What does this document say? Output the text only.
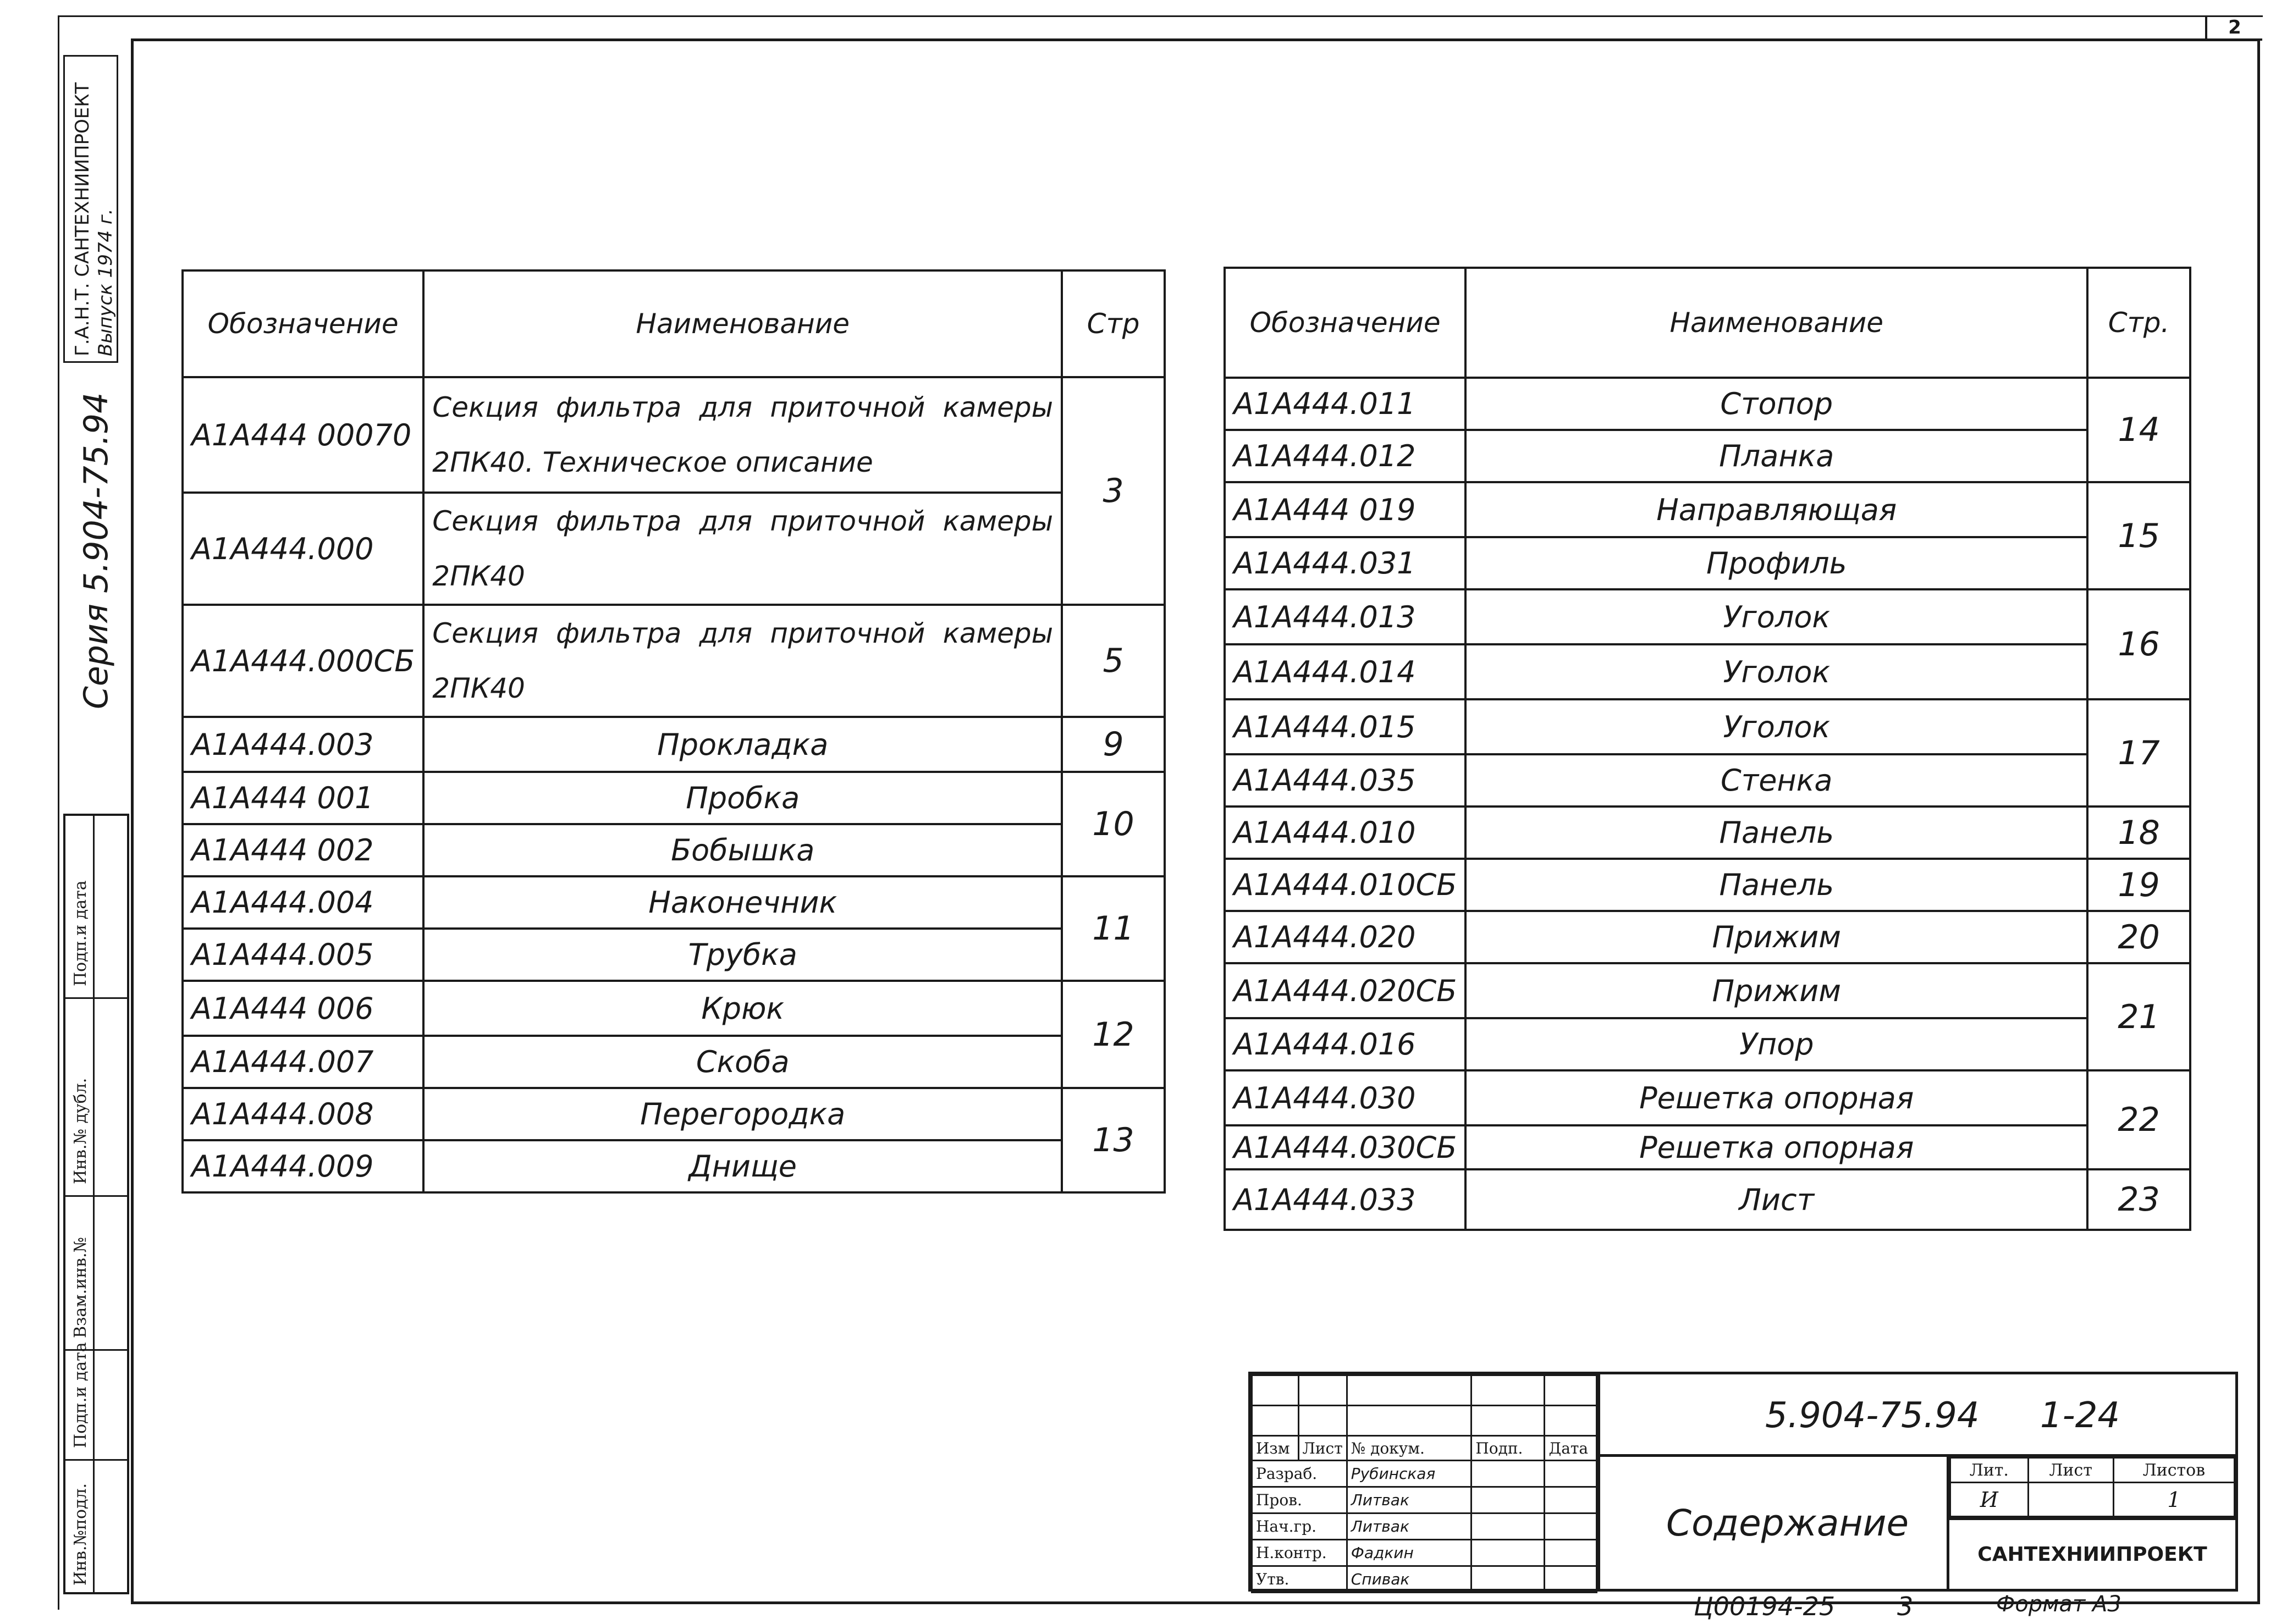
2
Г.А.Н.Т. САНТЕХНИИПРОЕКТ Выпуск 1974 г.
Серия 5.904-75.94
Инв.№подл.
Подп.и дата
Взам.инв.№
Инв.№ дубл.
Подп.и дата
Обозначение	Наименование	Стр
A1A444 00070	Секция фильтра для приточной камеры 2ПК40. Техническое описание	3
A1A444.000	Секция фильтра для приточной камеры 2ПК40	
A1A444.000СБ	Секция фильтра для приточной камеры 2ПК40	5
A1A444.003	Прокладка	9
A1A444 001	Пробка	10
A1A444 002	Бобышка	
A1A444.004	Наконечник	11
A1A444.005	Трубка	
A1A444 006	Крюк	12
A1A444.007	Скоба	
A1A444.008	Перегородка	13
A1A444.009	Днище	
Обозначение	Наименование	Стр.
A1A444.011	Стопор	14
A1A444.012	Планка	
A1A444 019	Направляющая	15
A1A444.031	Профиль	
A1A444.013	Уголок	16
A1A444.014	Уголок	
A1A444.015	Уголок	17
A1A444.035	Стенка	
A1A444.010	Панель	18
A1A444.010СБ	Панель	19
A1A444.020	Прижим	20
A1A444.020СБ	Прижим	21
A1A444.016	Упор	
A1A444.030	Решетка опорная	22
A1A444.030СБ	Решетка опорная	
A1A444.033	Лист	23

Изм	Лист	№ докум.	Подп.	Дата
Разраб.		Рубинская		
Пров.		Литвак		
Нач.гр.		Литвак		
Н.контр.		Фадкин		
Утв.		Спивак		
5.904-75.94 1-24
Содержание
Лит.	Лист	Листов
И		1
САНТЕХНИИПРОЕКТ
Ц00194-25 3	Формат А3
